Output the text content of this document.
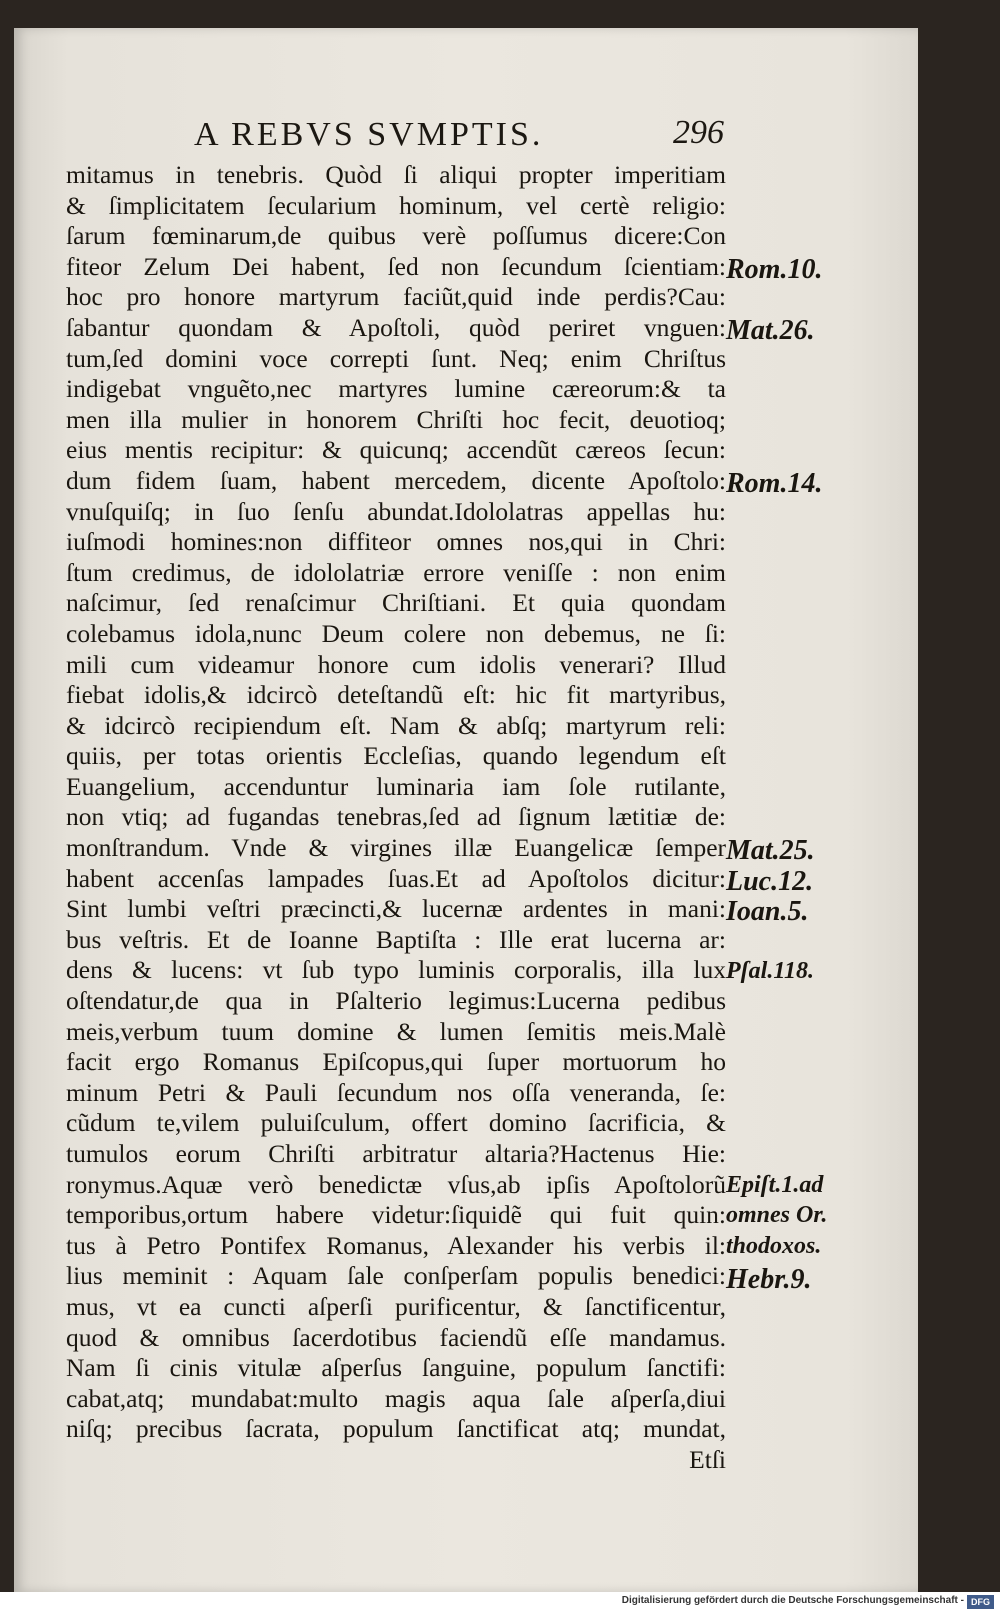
A REBVS SVMPTIS.	296
mitamus in tenebris. Quòd ſi aliqui propter imperitiam
& ſimplicitatem ſecularium hominum, vel certè religio:
ſarum fœminarum,de quibus verè poſſumus dicere:Con
fiteor Zelum Dei habent, ſed non ſecundum ſcientiam:
hoc pro honore martyrum faciũt,quid inde perdis?Cau:
ſabantur quondam & Apoſtoli, quòd periret vnguen:
tum,ſed domini voce correpti ſunt. Neq; enim Chriſtus
indigebat vnguẽto,nec martyres lumine cæreorum:& ta
men illa mulier in honorem Chriſti hoc fecit, deuotioq;
eius mentis recipitur: & quicunq; accendũt cæreos ſecun:
dum fidem ſuam, habent mercedem, dicente Apoſtolo:
vnuſquiſq; in ſuo ſenſu abundat.Idololatras appellas hu:
iuſmodi homines:non diffiteor omnes nos,qui in Chri:
ſtum credimus, de idololatriæ errore veniſſe : non enim
naſcimur, ſed renaſcimur Chriſtiani. Et quia quondam
colebamus idola,nunc Deum colere non debemus, ne ſi:
mili cum videamur honore cum idolis venerari? Illud
fiebat idolis,& idcircò deteſtandũ eſt: hic fit martyribus,
& idcircò recipiendum eſt. Nam & abſq; martyrum reli:
quiis, per totas orientis Eccleſias, quando legendum eſt
Euangelium, accenduntur luminaria iam ſole rutilante,
non vtiq; ad fugandas tenebras,ſed ad ſignum lætitiæ de:
monſtrandum. Vnde & virgines illæ Euangelicæ ſemper
habent accenſas lampades ſuas.Et ad Apoſtolos dicitur:
Sint lumbi veſtri præcincti,& lucernæ ardentes in mani:
bus veſtris. Et de Ioanne Baptiſta : Ille erat lucerna ar:
dens & lucens: vt ſub typo luminis corporalis, illa lux
oſtendatur,de qua in Pſalterio legimus:Lucerna pedibus
meis,verbum tuum domine & lumen ſemitis meis.Malè
facit ergo Romanus Epiſcopus,qui ſuper mortuorum ho
minum Petri & Pauli ſecundum nos oſſa veneranda, ſe:
cũdum te,vilem puluiſculum, offert domino ſacrificia, &
tumulos eorum Chriſti arbitratur altaria?Hactenus Hie:
ronymus.Aquæ verò benedictæ vſus,ab ipſis Apoſtolorũ
temporibus,ortum habere videtur:ſiquidẽ qui fuit quin:
tus à Petro Pontifex Romanus, Alexander his verbis il:
lius meminit : Aquam ſale conſperſam populis benedici:
mus, vt ea cuncti aſperſi purificentur, & ſanctificentur,
quod & omnibus ſacerdotibus faciendũ eſſe mandamus.
Nam ſi cinis vitulæ aſperſus ſanguine, populum ſanctifi:
cabat,atq; mundabat:multo magis aqua ſale aſperſa,diui
niſq; precibus ſacrata, populum ſanctificat atq; mundat,
Etſi
Rom.10.
Mat.26.
Rom.14.
Mat.25.
Luc.12.
Ioan.5.
Pſal.118.
Epiſt.1.ad
omnes Or.
thodoxos.
Hebr.9.
Digitalisierung gefördert durch die Deutsche Forschungsgemeinschaft - DFG
